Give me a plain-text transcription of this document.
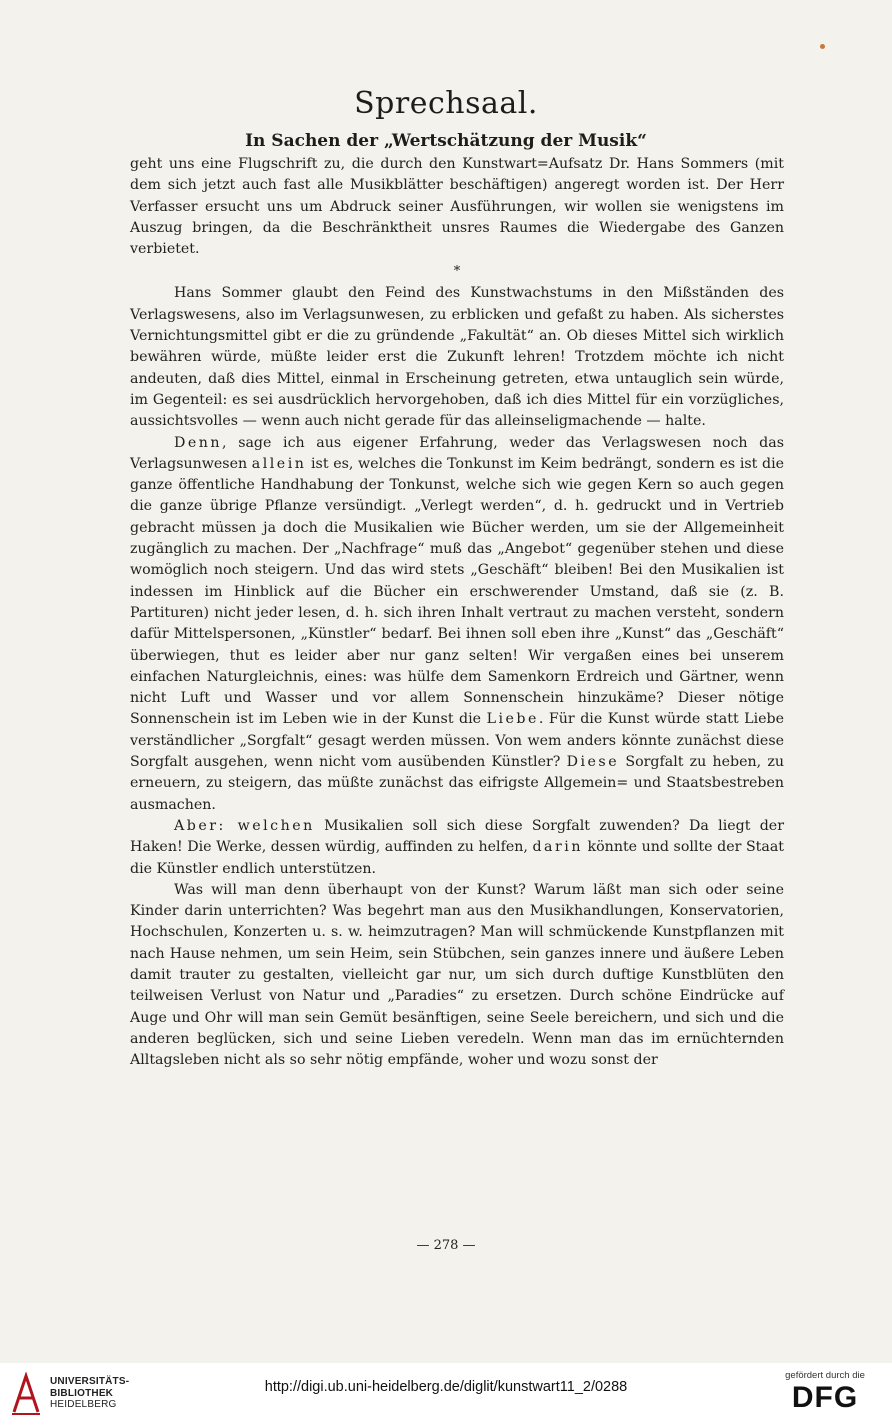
Sprechsaal.
In Sachen der „Wertschätzung der Musik“

geht uns eine Flugschrift zu, die durch den Kunstwart=Aufsatz Dr. Hans Sommers (mit dem sich jetzt auch fast alle Musikblätter beschäftigen) angeregt worden ist. Der Herr Verfasser ersucht uns um Abdruck seiner Ausführungen, wir wollen sie wenigstens im Auszug bringen, da die Beschränktheit unsres Raumes die Wiedergabe des Ganzen verbietet.

*

Hans Sommer glaubt den Feind des Kunstwachstums in den Mißständen des Verlagswesens, also im Verlagsunwesen, zu erblicken und gefaßt zu haben. Als sicherstes Vernichtungsmittel gibt er die zu gründende „Fakultät“ an. Ob dieses Mittel sich wirklich bewähren würde, müßte leider erst die Zukunft lehren! Trotzdem möchte ich nicht andeuten, daß dies Mittel, einmal in Erscheinung getreten, etwa untauglich sein würde, im Gegenteil: es sei ausdrücklich hervorgehoben, daß ich dies Mittel für ein vorzügliches, aussichtsvolles — wenn auch nicht gerade für das alleinseligmachende — halte.

Denn, sage ich aus eigener Erfahrung, weder das Verlagswesen noch das Verlagsunwesen allein ist es, welches die Tonkunst im Keim bedrängt, sondern es ist die ganze öffentliche Handhabung der Tonkunst, welche sich wie gegen Kern so auch gegen die ganze übrige Pflanze versündigt. „Verlegt werden“, d. h. gedruckt und in Vertrieb gebracht müssen ja doch die Musikalien wie Bücher werden, um sie der Allgemeinheit zugänglich zu machen. Der „Nachfrage“ muß das „Angebot“ gegenüber stehen und diese womöglich noch steigern. Und das wird stets „Geschäft“ bleiben! Bei den Musikalien ist indessen im Hinblick auf die Bücher ein erschwerender Umstand, daß sie (z. B. Partituren) nicht jeder lesen, d. h. sich ihren Inhalt vertraut zu machen versteht, sondern dafür Mittelspersonen, „Künstler“ bedarf. Bei ihnen soll eben ihre „Kunst“ das „Geschäft“ überwiegen, thut es leider aber nur ganz selten! Wir vergaßen eines bei unserem einfachen Naturgleichnis, eines: was hülfe dem Samenkorn Erdreich und Gärtner, wenn nicht Luft und Wasser und vor allem Sonnenschein hinzukäme? Dieser nötige Sonnenschein ist im Leben wie in der Kunst die Liebe. Für die Kunst würde statt Liebe verständlicher „Sorgfalt“ gesagt werden müssen. Von wem anders könnte zunächst diese Sorgfalt ausgehen, wenn nicht vom ausübenden Künstler? Diese Sorgfalt zu heben, zu erneuern, zu steigern, das müßte zunächst das eifrigste Allgemein= und Staatsbestreben ausmachen.

Aber: welchen Musikalien soll sich diese Sorgfalt zuwenden? Da liegt der Haken! Die Werke, dessen würdig, auffinden zu helfen, darin könnte und sollte der Staat die Künstler endlich unterstützen.

Was will man denn überhaupt von der Kunst? Warum läßt man sich oder seine Kinder darin unterrichten? Was begehrt man aus den Musikhandlungen, Konservatorien, Hochschulen, Konzerten u. s. w. heimzutragen? Man will schmückende Kunstpflanzen mit nach Hause nehmen, um sein Heim, sein Stübchen, sein ganzes innere und äußere Leben damit trauter zu gestalten, vielleicht gar nur, um sich durch duftige Kunstblüten den teilweisen Verlust von Natur und „Paradies“ zu ersetzen. Durch schöne Eindrücke auf Auge und Ohr will man sein Gemüt besänftigen, seine Seele bereichern, und sich und die anderen beglücken, sich und seine Lieben veredeln. Wenn man das im ernüchternden Alltagsleben nicht als so sehr nötig empfände, woher und wozu sonst der

— 278 —
UNIVERSITÄTS-
BIBLIOTHEK
HEIDELBERG
http://digi.ub.uni-heidelberg.de/diglit/kunstwart11_2/0288
gefördert durch die
DFG
